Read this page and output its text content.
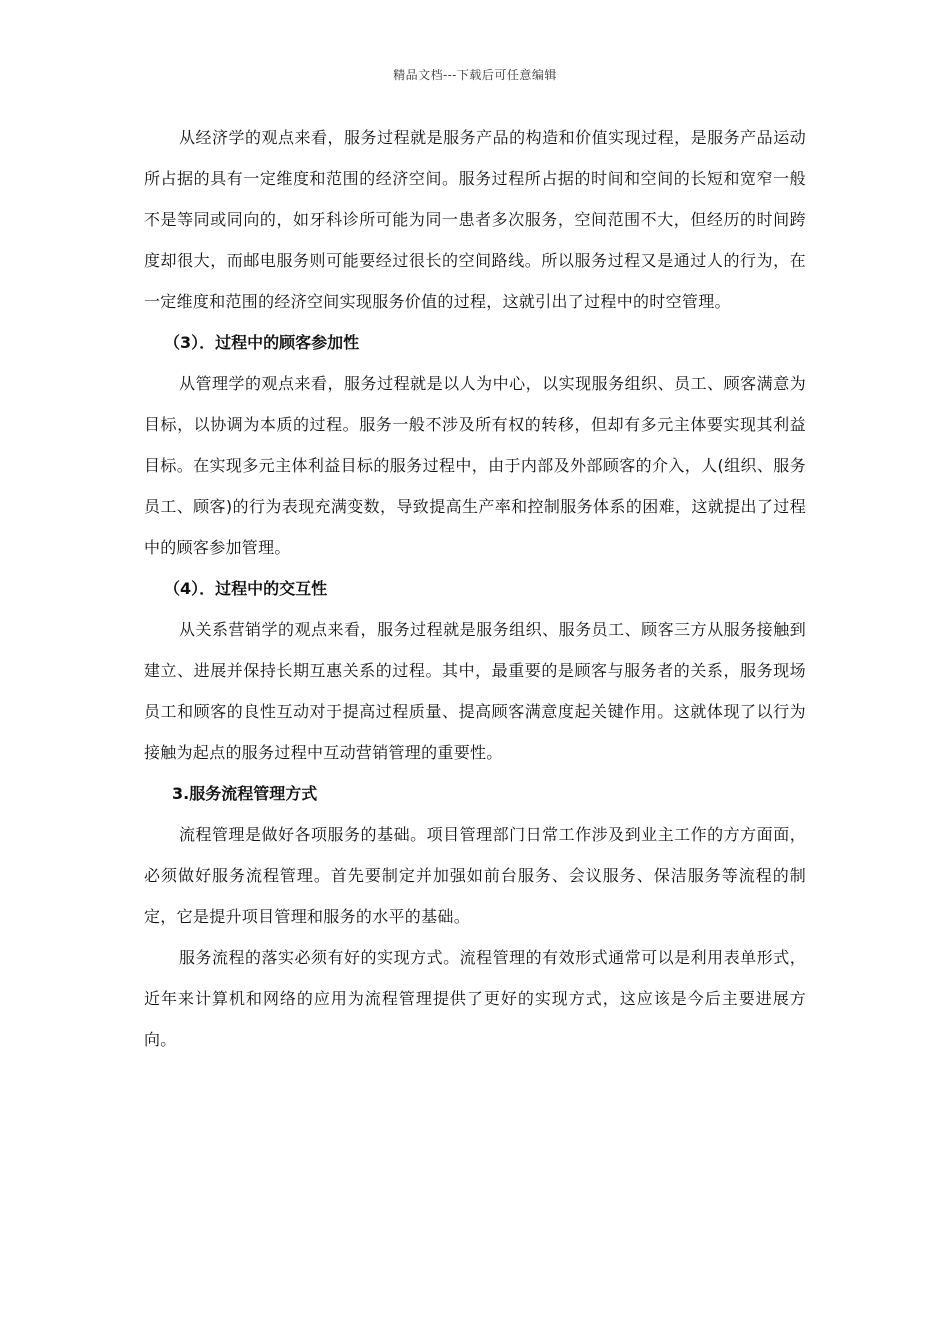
精品文档---下载后可任意编辑

从经济学的观点来看，服务过程就是服务产品的构造和价值实现过程，是服务产品运动所占据的具有一定维度和范围的经济空间。服务过程所占据的时间和空间的长短和宽窄一般不是等同或同向的，如牙科诊所可能为同一患者多次服务，空间范围不大，但经历的时间跨度却很大，而邮电服务则可能要经过很长的空间路线。所以服务过程又是通过人的行为，在一定维度和范围的经济空间实现服务价值的过程，这就引出了过程中的时空管理。

（3）．过程中的顾客参加性

从管理学的观点来看，服务过程就是以人为中心，以实现服务组织、员工、顾客满意为目标，以协调为本质的过程。服务一般不涉及所有权的转移，但却有多元主体要实现其利益目标。在实现多元主体利益目标的服务过程中，由于内部及外部顾客的介入，人(组织、服务员工、顾客)的行为表现充满变数，导致提高生产率和控制服务体系的困难，这就提出了过程中的顾客参加管理。

（4）．过程中的交互性

从关系营销学的观点来看，服务过程就是服务组织、服务员工、顾客三方从服务接触到建立、进展并保持长期互惠关系的过程。其中，最重要的是顾客与服务者的关系，服务现场员工和顾客的良性互动对于提高过程质量、提高顾客满意度起关键作用。这就体现了以行为接触为起点的服务过程中互动营销管理的重要性。

3.服务流程管理方式

流程管理是做好各项服务的基础。项目管理部门日常工作涉及到业主工作的方方面面，必须做好服务流程管理。首先要制定并加强如前台服务、会议服务、保洁服务等流程的制定，它是提升项目管理和服务的水平的基础。

服务流程的落实必须有好的实现方式。流程管理的有效形式通常可以是利用表单形式，近年来计算机和网络的应用为流程管理提供了更好的实现方式，这应该是今后主要进展方向。
